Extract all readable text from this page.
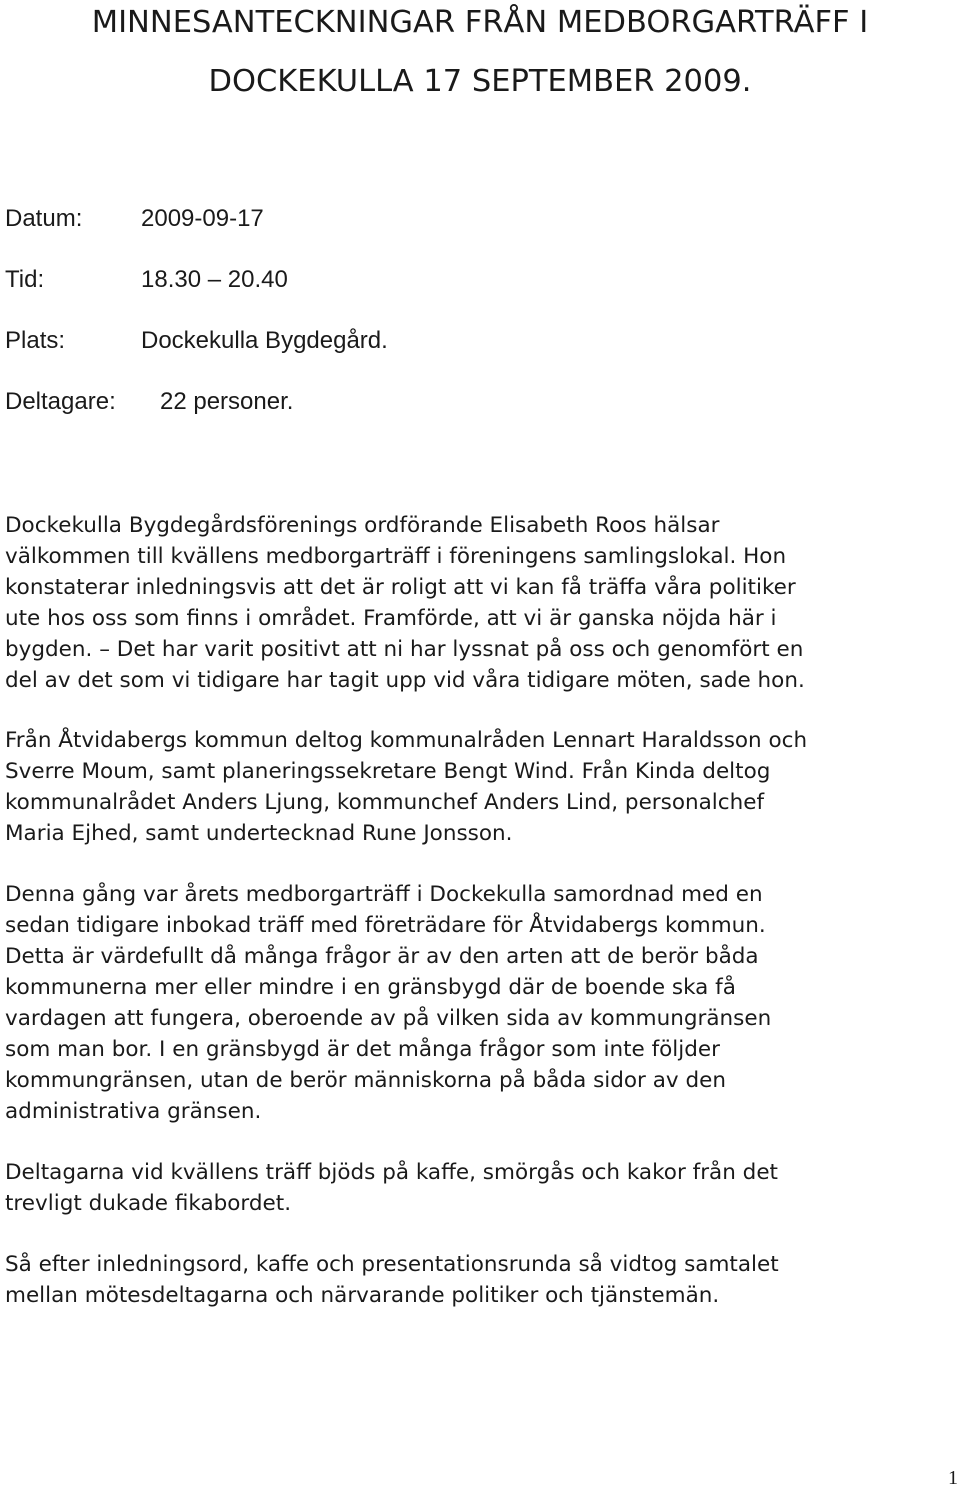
MINNESANTECKNINGAR FRÅN MEDBORGARTRÄFF I
DOCKEKULLA 17 SEPTEMBER 2009.
Datum: 2009-09-17
Tid:	18.30 – 20.40
Plats:	Dockekulla Bygdegård.
Deltagare: 22 personer.

Dockekulla Bygdegårdsförenings ordförande Elisabeth Roos hälsar
välkommen till kvällens medborgarträff i föreningens samlingslokal. Hon
konstaterar inledningsvis att det är roligt att vi kan få träffa våra politiker
ute hos oss som finns i området. Framförde, att vi är ganska nöjda här i
bygden. – Det har varit positivt att ni har lyssnat på oss och genomfört en
del av det som vi tidigare har tagit upp vid våra tidigare möten, sade hon.

Från Åtvidabergs kommun deltog kommunalråden Lennart Haraldsson och
Sverre Moum, samt planeringssekretare Bengt Wind. Från Kinda deltog
kommunalrådet Anders Ljung, kommunchef Anders Lind, personalchef
Maria Ejhed, samt undertecknad Rune Jonsson.

Denna gång var årets medborgarträff i Dockekulla samordnad med en
sedan tidigare inbokad träff med företrädare för Åtvidabergs kommun.
Detta är värdefullt då många frågor är av den arten att de berör båda
kommunerna mer eller mindre i en gränsbygd där de boende ska få
vardagen att fungera, oberoende av på vilken sida av kommungränsen
som man bor. I en gränsbygd är det många frågor som inte följder
kommungränsen, utan de berör människorna på båda sidor av den
administrativa gränsen.

Deltagarna vid kvällens träff bjöds på kaffe, smörgås och kakor från det
trevligt dukade fikabordet.

Så efter inledningsord, kaffe och presentationsrunda så vidtog samtalet
mellan mötesdeltagarna och närvarande politiker och tjänstemän.

1
